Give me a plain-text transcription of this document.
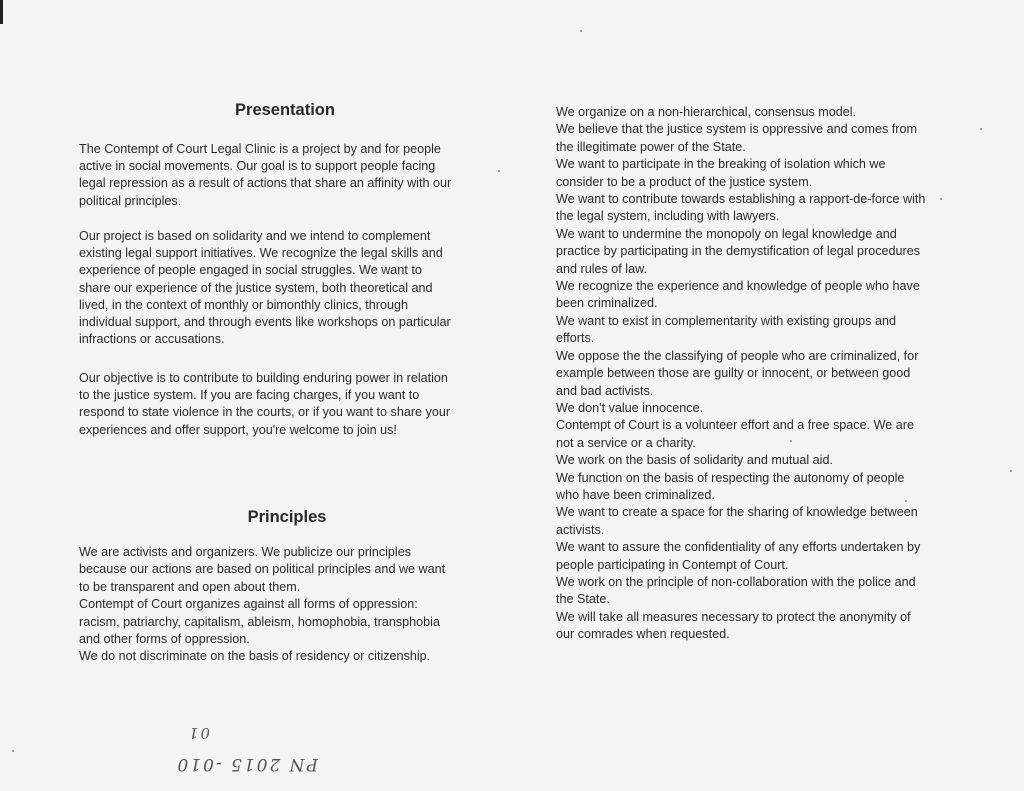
Presentation
The Contempt of Court Legal Clinic is a project by and for people
active in social movements. Our goal is to support people facing
legal repression as a result of actions that share an affinity with our
political principles.
Our project is based on solidarity and we intend to complement
existing legal support initiatives. We recognize the legal skills and
experience of people engaged in social struggles. We want to
share our experience of the justice system, both theoretical and
lived, in the context of monthly or bimonthly clinics, through
individual support, and through events like workshops on particular
infractions or accusations.
Our objective is to contribute to building enduring power in relation
to the justice system. If you are facing charges, if you want to
respond to state violence in the courts, or if you want to share your
experiences and offer support, you're welcome to join us!
Principles
We are activists and organizers. We publicize our principles
because our actions are based on political principles and we want
to be transparent and open about them.
Contempt of Court organizes against all forms of oppression:
racism, patriarchy, capitalism, ableism, homophobia, transphobia
and other forms of oppression.
We do not discriminate on the basis of residency or citizenship.
We organize on a non-hierarchical, consensus model.
We believe that the justice system is oppressive and comes from
the illegitimate power of the State.
We want to participate in the breaking of isolation which we
consider to be a product of the justice system.
We want to contribute towards establishing a rapport-de-force with
the legal system, including with lawyers.
We want to undermine the monopoly on legal knowledge and
practice by participating in the demystification of legal procedures
and rules of law.
We recognize the experience and knowledge of people who have
been criminalized.
We want to exist in complementarity with existing groups and
efforts.
We oppose the the classifying of people who are criminalized, for
example between those are guilty or innocent, or between good
and bad activists.
We don't value innocence.
Contempt of Court is a volunteer effort and a free space. We are
not a service or a charity.
We work on the basis of solidarity and mutual aid.
We function on the basis of respecting the autonomy of people
who have been criminalized.
We want to create a space for the sharing of knowledge between
activists.
We want to assure the confidentiality of any efforts undertaken by
people participating in Contempt of Court.
We work on the principle of non-collaboration with the police and
the State.
We will take all measures necessary to protect the anonymity of
our comrades when requested.
PN 2015 -010
01
